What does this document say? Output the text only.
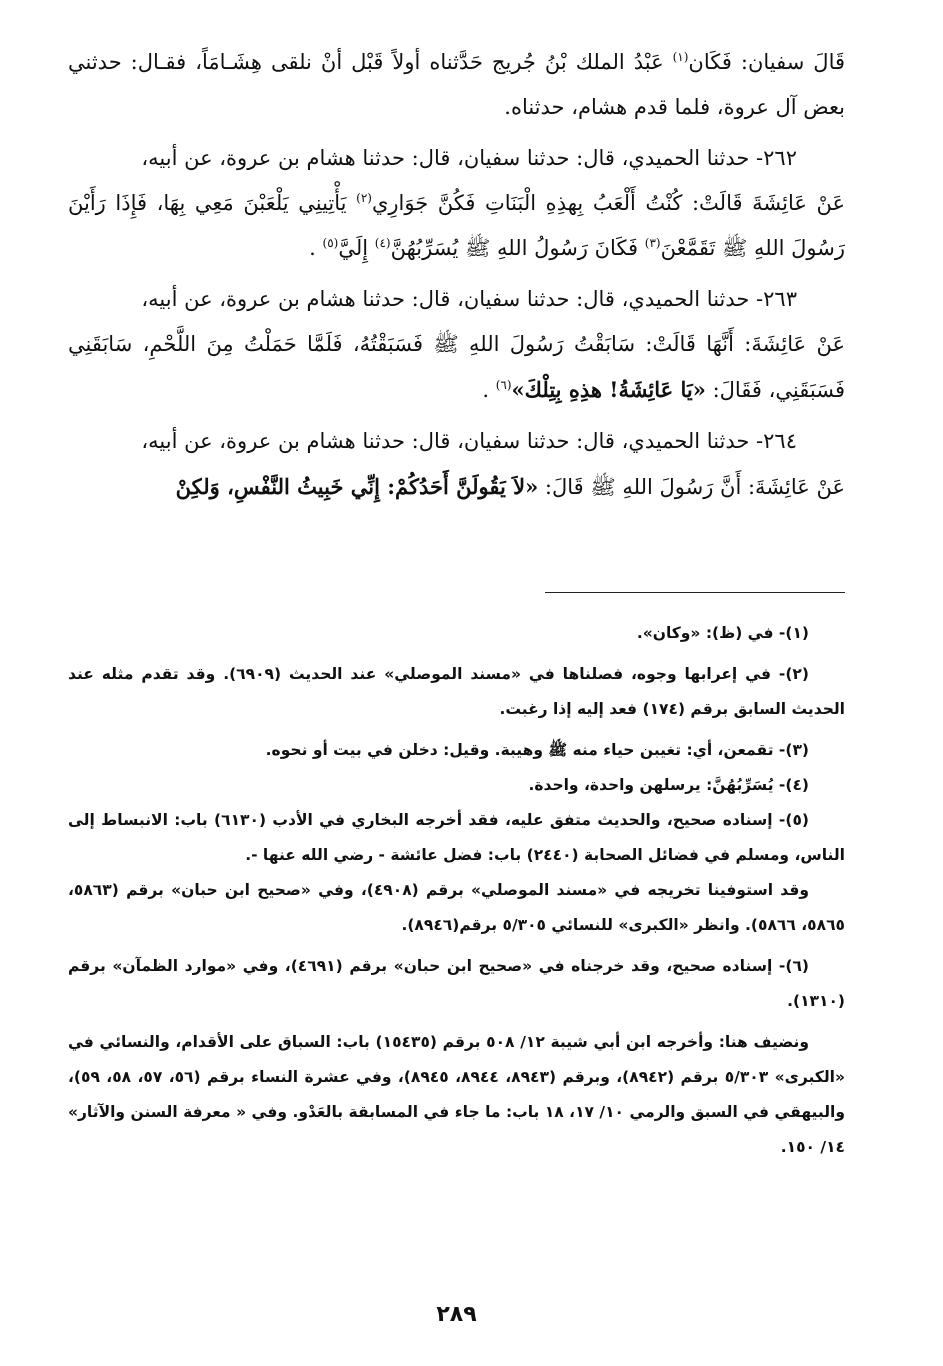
قَالَ سفيان: فَكَان$^{(١)}$ عَبْدُ الملك بْنُ جُريج حَدَّثناه أولاً قَبْل أنْ نلقى هِشَـامَاً، فقـال: حدثني بعض آل عروة، فلما قدم هشام، حدثناه.

٢٦٢- حدثنا الحميدي، قال: حدثنا سفيان، قال: حدثنا هشام بن عروة، عن أبيه،

عَنْ عَائِشَةَ قَالَتْ: كُنْتُ أَلْعَبُ بِهذِهِ الْبَنَاتِ فَكُنَّ جَوَارِي$^{(٢)}$ يَأْتِينِي يَلْعَبْنَ مَعِي بِهَا، فَإِذَا رَأَيْنَ رَسُولَ اللهِ ﷺ تَقَمَّعْنَ$^{(٣)}$ فَكَانَ رَسُولُ اللهِ ﷺ يُسَرِّبُهُنَّ$^{(٤)}$ إِلَيَّ$^{(٥)}$ .

٢٦٣- حدثنا الحميدي، قال: حدثنا سفيان، قال: حدثنا هشام بن عروة، عن أبيه،

عَنْ عَائِشَةَ: أَنَّهَا قَالَتْ: سَابَقْتُ رَسُولَ اللهِ ﷺ فَسَبَقْتُهُ، فَلَمَّا حَمَلْتُ مِنَ اللَّحْمِ، سَابَقَنِي فَسَبَقَنِي، فَقَالَ: «يَا عَائِشَةُ! هذِهِ بِتِلْكَ»$^{(٦)}$ .

٢٦٤- حدثنا الحميدي، قال: حدثنا سفيان، قال: حدثنا هشام بن عروة، عن أبيه،

عَنْ عَائِشَةَ: أَنَّ رَسُولَ اللهِ ﷺ قَالَ: «لاَ يَقُولَنَّ أَحَدُكُمْ: إِنِّي خَبِيثُ النَّفْسِ، وَلكِنْ

(١)- في (ظ): «وكان».

(٢)- في إعرابها وجوه، فصلناها في «مسند الموصلي» عند الحديث (٦٩٠٩). وقد تقدم مثله عند الحديث السابق برقم (١٧٤) فعد إليه إذا رغبت.

(٣)- تقمعن، أي: تغيبن حياء منه ﷺ وهيبة. وقيل: دخلن في بيت أو نحوه.

(٤)- يُسَرِّبُهُنَّ: يرسلهن واحدة، واحدة.

(٥)- إسناده صحيح، والحديث متفق عليه، فقد أخرجه البخاري في الأدب (٦١٣٠) باب: الانبساط إلى الناس، ومسلم في فضائل الصحابة (٢٤٤٠) باب: فضل عائشة - رضي الله عنها -.

وقد استوفينا تخريجه في «مسند الموصلي» برقم (٤٩٠٨)، وفي «صحيح ابن حبان» برقم (٥٨٦٣، ٥٨٦٥، ٥٨٦٦). وانظر «الكبرى» للنسائي ٥/٣٠٥ برقم(٨٩٤٦).

(٦)- إسناده صحيح، وقد خرجناه في «صحيح ابن حبان» برقم (٤٦٩١)، وفي «موارد الظمآن» برقم (١٣١٠).

ونضيف هنا: وأخرجه ابن أبي شيبة ١٢/ ٥٠٨ برقم (١٥٤٣٥) باب: السباق على الأقدام، والنسائي في «الكبرى» ٥/٣٠٣ برقم (٨٩٤٢)، وبرقم (٨٩٤٣، ٨٩٤٤، ٨٩٤٥)، وفي عشرة النساء برقم (٥٦، ٥٧، ٥٨، ٥٩)، والبيهقي في السبق والرمي ١٠/ ١٧، ١٨ باب: ما جاء في المسابقة بالعَدْو. وفي « معرفة السنن والآثار» ١٤/ ١٥٠.

٢٨٩
